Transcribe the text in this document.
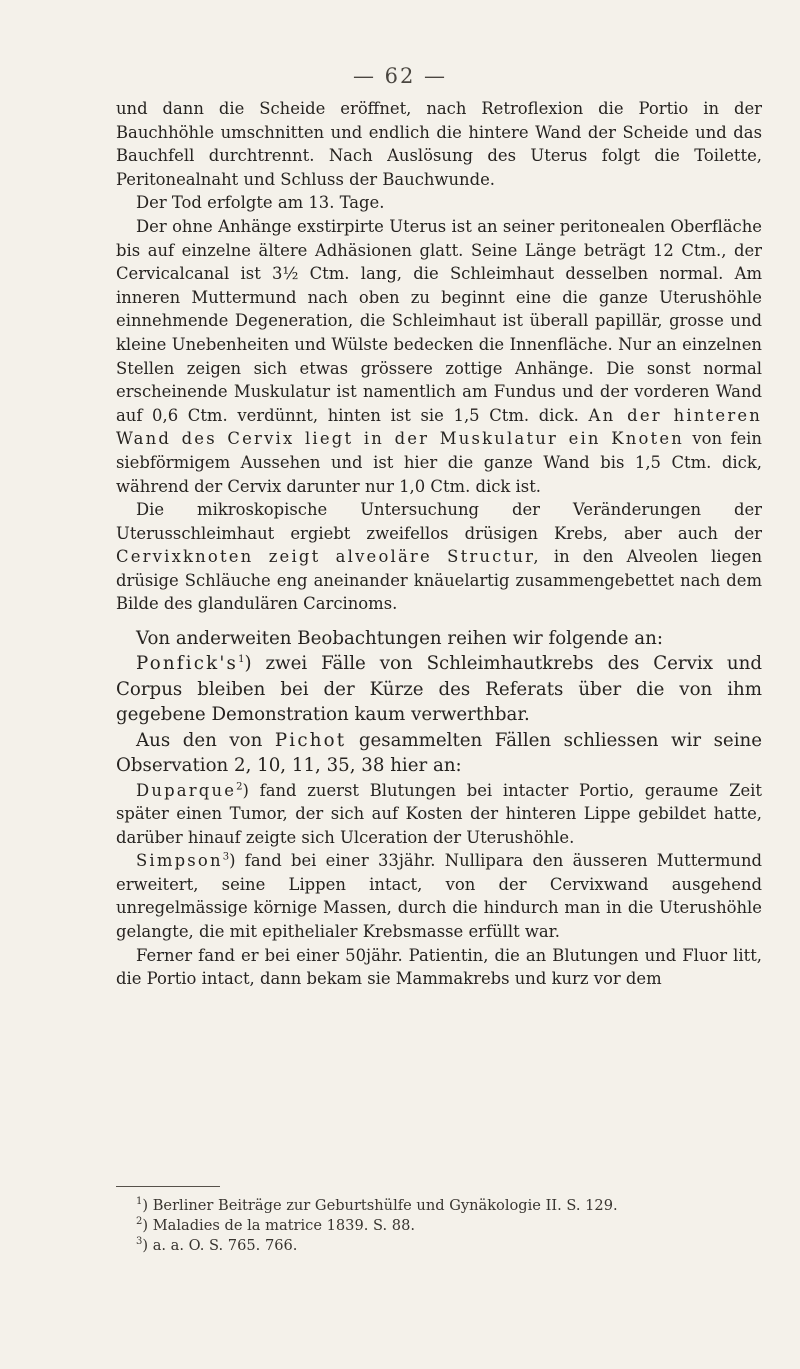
— 62 —

und dann die Scheide eröffnet, nach Retroflexion die Portio in der Bauchhöhle umschnitten und endlich die hintere Wand der Scheide und das Bauchfell durchtrennt. Nach Auslösung des Uterus folgt die Toilette, Peritonealnaht und Schluss der Bauchwunde.

Der Tod erfolgte am 13. Tage.

Der ohne Anhänge exstirpirte Uterus ist an seiner peritonealen Oberfläche bis auf einzelne ältere Adhäsionen glatt. Seine Länge beträgt 12 Ctm., der Cervicalcanal ist 3½ Ctm. lang, die Schleimhaut desselben normal. Am inneren Muttermund nach oben zu beginnt eine die ganze Uterushöhle einnehmende Degeneration, die Schleimhaut ist überall papillär, grosse und kleine Unebenheiten und Wülste bedecken die Innenfläche. Nur an einzelnen Stellen zeigen sich etwas grössere zottige Anhänge. Die sonst normal erscheinende Muskulatur ist namentlich am Fundus und der vorderen Wand auf 0,6 Ctm. verdünnt, hinten ist sie 1,5 Ctm. dick. An der hinteren Wand des Cervix liegt in der Muskulatur ein Knoten von fein siebförmigem Aussehen und ist hier die ganze Wand bis 1,5 Ctm. dick, während der Cervix darunter nur 1,0 Ctm. dick ist.

Die mikroskopische Untersuchung der Veränderungen der Uterusschleimhaut ergiebt zweifellos drüsigen Krebs, aber auch der Cervixknoten zeigt alveoläre Structur, in den Alveolen liegen drüsige Schläuche eng aneinander knäuelartig zusammengebettet nach dem Bilde des glandulären Carcinoms.

Von anderweiten Beobachtungen reihen wir folgende an:

$Ponfick's^1$) zwei Fälle von Schleimhautkrebs des Cervix und Corpus bleiben bei der Kürze des Referats über die von ihm gegebene Demonstration kaum verwerthbar.

Aus den von Pichot gesammelten Fällen schliessen wir seine Observation 2, 10, 11, 35, 38 hier an:

Duparque$^2$) fand zuerst Blutungen bei intacter Portio, geraume Zeit später einen Tumor, der sich auf Kosten der hinteren Lippe gebildet hatte, darüber hinauf zeigte sich Ulceration der Uterushöhle.

Simpson$^3$) fand bei einer 33jähr. Nullipara den äusseren Muttermund erweitert, seine Lippen intact, von der Cervixwand ausgehend unregelmässige körnige Massen, durch die hindurch man in die Uterushöhle gelangte, die mit epithelialer Krebsmasse erfüllt war.

Ferner fand er bei einer 50jähr. Patientin, die an Blutungen und Fluor litt, die Portio intact, dann bekam sie Mammakrebs und kurz vor dem

$^1$) Berliner Beiträge zur Geburtshülfe und Gynäkologie II. S. 129.
$^2$) Maladies de la matrice 1839. S. 88.
$^3$) a. a. O. S. 765. 766.
